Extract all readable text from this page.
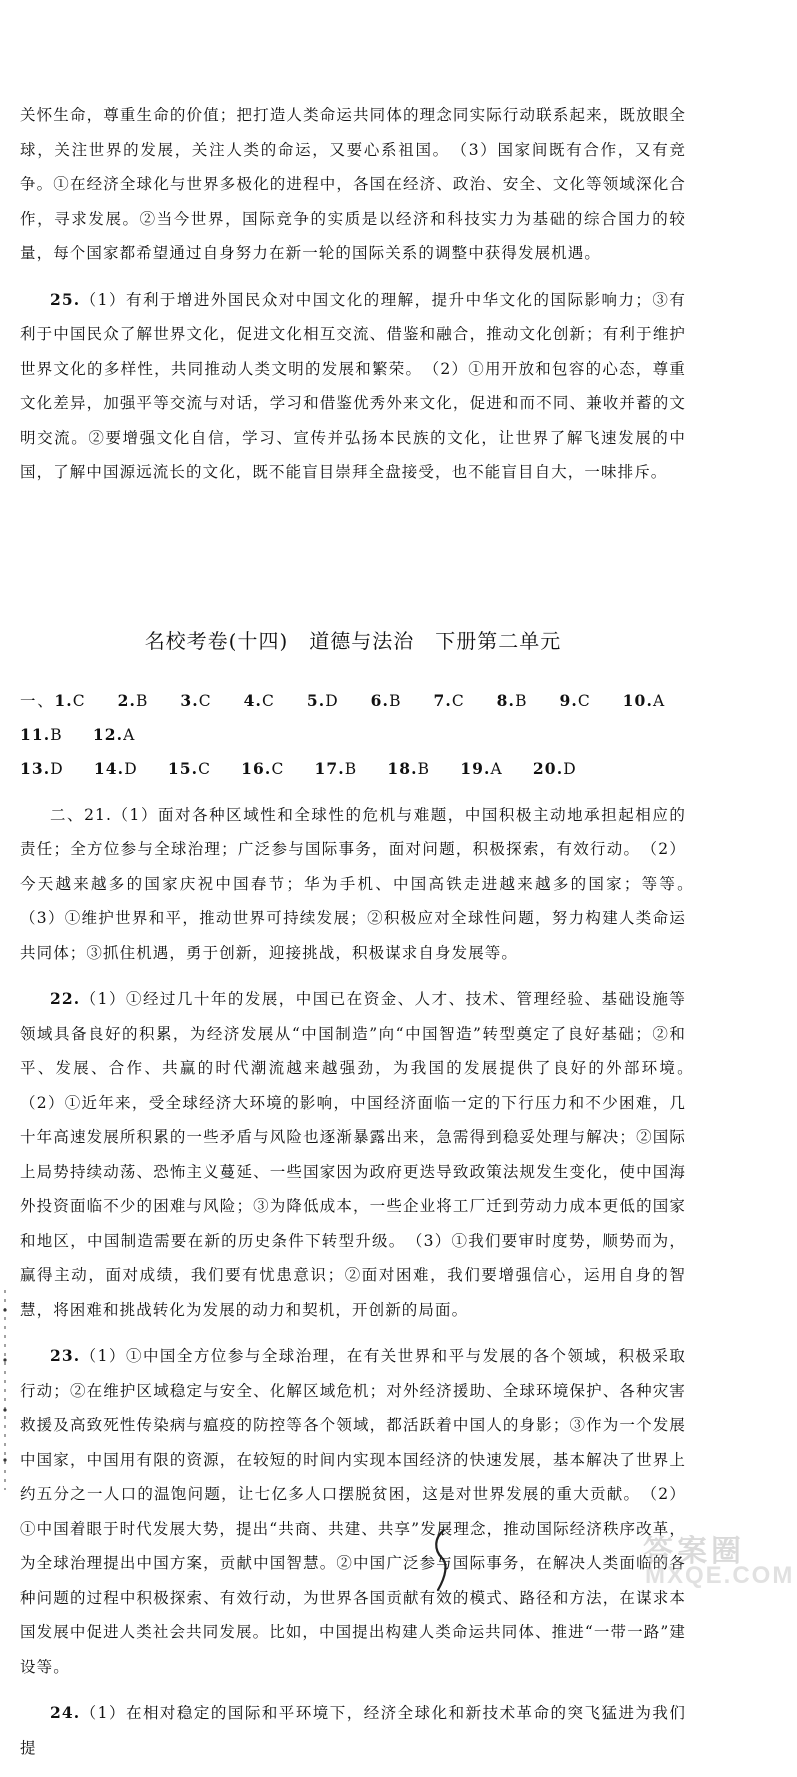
关怀生命，尊重生命的价值；把打造人类命运共同体的理念同实际行动联系起来，既放眼全球，关注世界的发展，关注人类的命运，又要心系祖国。　（3）国家间既有合作，又有竞争。①在经济全球化与世界多极化的进程中，各国在经济、政治、安全、文化等领域深化合作，寻求发展。②当今世界，国际竞争的实质是以经济和科技实力为基础的综合国力的较量，每个国家都希望通过自身努力在新一轮的国际关系的调整中获得发展机遇。

25.（1）有利于增进外国民众对中国文化的理解，提升中华文化的国际影响力；③有利于中国民众了解世界文化，促进文化相互交流、借鉴和融合，推动文化创新；有利于维护世界文化的多样性，共同推动人类文明的发展和繁荣。　（2）①用开放和包容的心态，尊重文化差异，加强平等交流与对话，学习和借鉴优秀外来文化，促进和而不同、兼收并蓄的文明交流。②要增强文化自信，学习、宣传并弘扬本民族的文化，让世界了解飞速发展的中国，了解中国源远流长的文化，既不能盲目崇拜全盘接受，也不能盲目自大，一味排斥。

名校考卷(十四)　道德与法治　下册第二单元

一、1.C 2.B 3.C 4.C 5.D 6.B 7.C 8.B 9.C 10.A   11.B 12.A

13.D 14.D 15.C 16.C 17.B 18.B 19.A 20.D

二、21.（1）面对各种区域性和全球性的危机与难题，中国积极主动地承担起相应的责任；全方位参与全球治理；广泛参与国际事务，面对问题，积极探索，有效行动。　（2）今天越来越多的国家庆祝中国春节；华为手机、中国高铁走进越来越多的国家；等等。　（3）①维护世界和平，推动世界可持续发展；②积极应对全球性问题，努力构建人类命运共同体；③抓住机遇，勇于创新，迎接挑战，积极谋求自身发展等。

22.（1）①经过几十年的发展，中国已在资金、人才、技术、管理经验、基础设施等领域具备良好的积累，为经济发展从“中国制造”向“中国智造”转型奠定了良好基础；②和平、发展、合作、共赢的时代潮流越来越强劲，为我国的发展提供了良好的外部环境。　（2）①近年来，受全球经济大环境的影响，中国经济面临一定的下行压力和不少困难，几十年高速发展所积累的一些矛盾与风险也逐渐暴露出来，急需得到稳妥处理与解决；②国际上局势持续动荡、恐怖主义蔓延、一些国家因为政府更迭导致政策法规发生变化，使中国海外投资面临不少的困难与风险；③为降低成本，一些企业将工厂迁到劳动力成本更低的国家和地区，中国制造需要在新的历史条件下转型升级。　（3）①我们要审时度势，顺势而为，赢得主动，面对成绩，我们要有忧患意识；②面对困难，我们要增强信心，运用自身的智慧，将困难和挑战转化为发展的动力和契机，开创新的局面。

23.（1）①中国全方位参与全球治理，在有关世界和平与发展的各个领域，积极采取行动；②在维护区域稳定与安全、化解区域危机；对外经济援助、全球环境保护、各种灾害救援及高致死性传染病与瘟疫的防控等各个领域，都活跃着中国人的身影；③作为一个发展中国家，中国用有限的资源，在较短的时间内实现本国经济的快速发展，基本解决了世界上约五分之一人口的温饱问题，让七亿多人口摆脱贫困，这是对世界发展的重大贡献。　（2）①中国着眼于时代发展大势，提出“共商、共建、共享”发展理念，推动国际经济秩序改革，为全球治理提出中国方案，贡献中国智慧。②中国广泛参与国际事务，在解决人类面临的各种问题的过程中积极探索、有效行动，为世界各国贡献有效的模式、路径和方法，在谋求本国发展中促进人类社会共同发展。比如，中国提出构建人类命运共同体、推进“一带一路”建设等。

24.（1）在相对稳定的国际和平环境下，经济全球化和新技术革命的突飞猛进为我们提

答案圈
MXQE.COM
